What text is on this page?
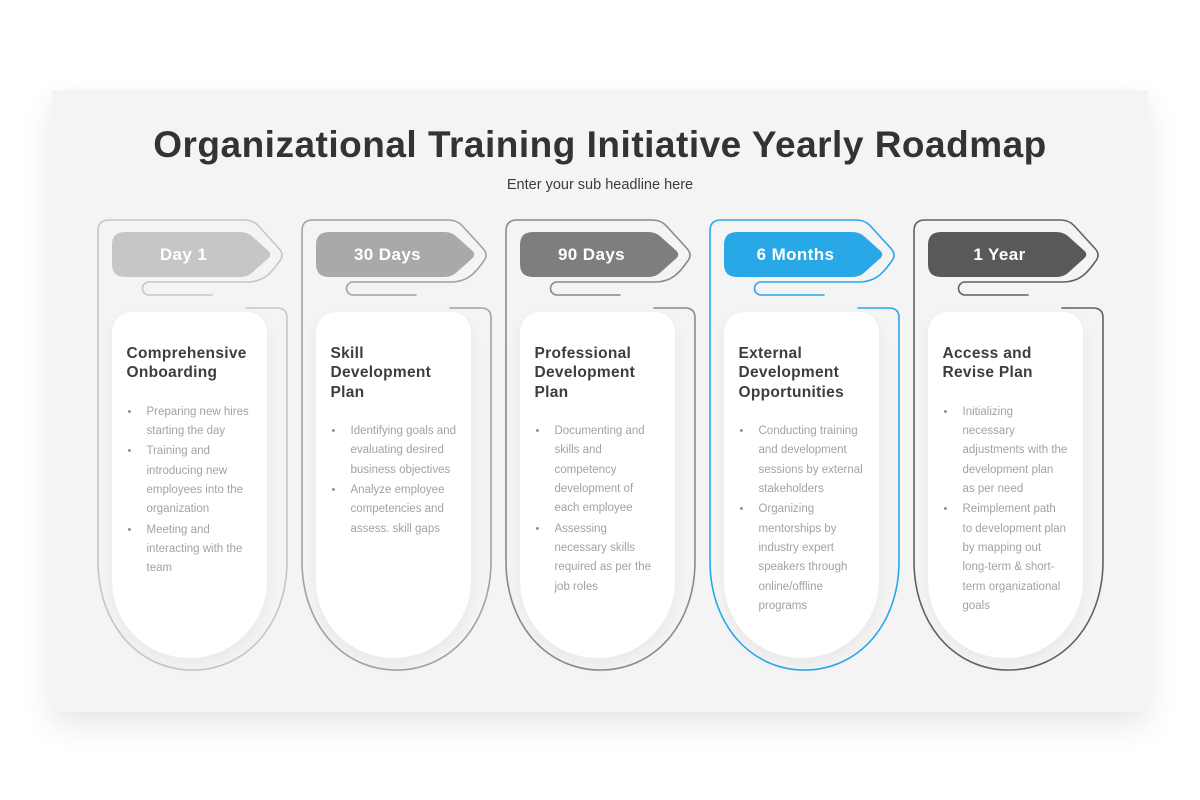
Organizational Training Initiative Yearly Roadmap

Enter your sub headline here

Day 1
Comprehensive Onboarding
• Preparing new hires starting the day
• Training and introducing new employees into the organization
• Meeting and interacting with the team
30 Days
Skill Development Plan
• Identifying goals and evaluating desired business objectives
• Analyze employee competencies and assess. skill gaps
90 Days
Professional Development Plan
• Documenting and skills and competency development of each employee
• Assessing necessary skills required as per the job roles
6 Months
External Development Opportunities
• Conducting training and development sessions by external stakeholders
• Organizing mentorships by industry expert speakers through online/offline programs
1 Year
Access and Revise Plan
• Initializing necessary adjustments with the development plan as per need
• Reimplement path to development plan by mapping out long-term & short-term organizational goals
